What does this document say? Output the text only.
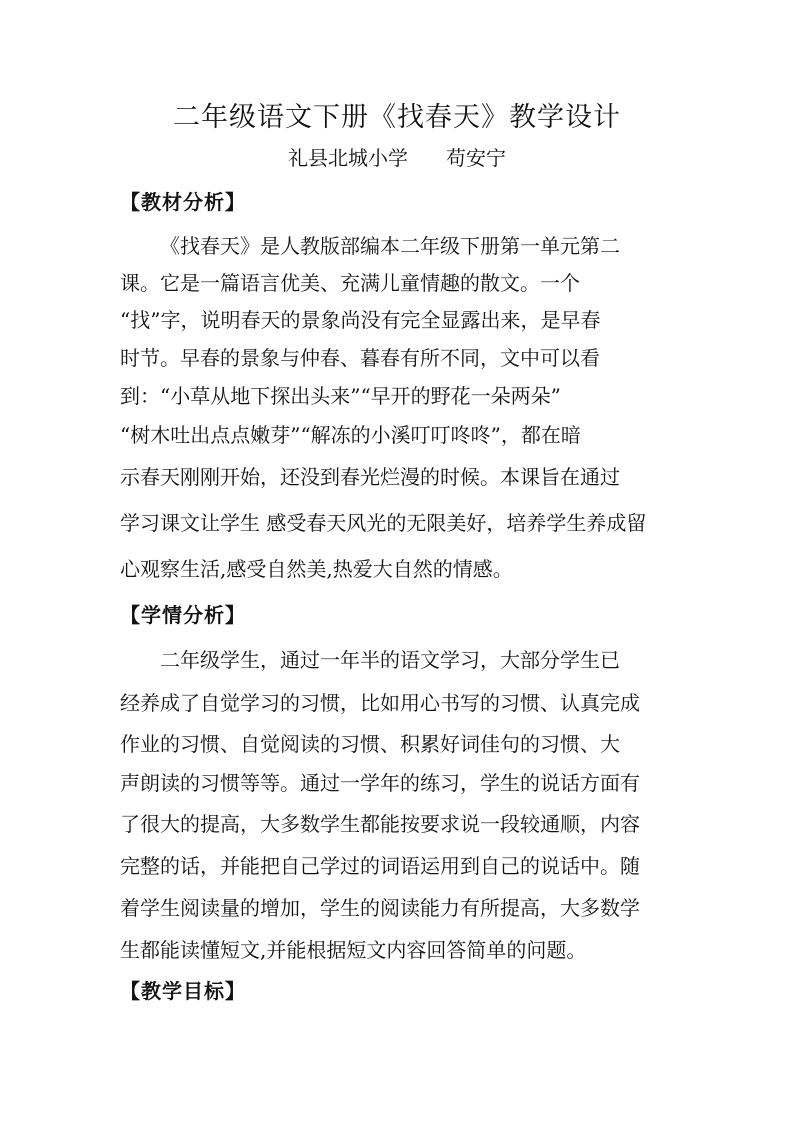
二年级语文下册《找春天》教学设计
礼县北城小学 苟安宁
【教材分析】
《找春天》是人教版部编本二年级下册第一单元第二
课。它是一篇语言优美、充满儿童情趣的散文。一个
“找”字，说明春天的景象尚没有完全显露出来，是早春
时节。早春的景象与仲春、暮春有所不同，文中可以看
到：“小草从地下探出头来”“早开的野花一朵两朵”
“树木吐出点点嫩芽”“解冻的小溪叮叮咚咚”，都在暗
示春天刚刚开始，还没到春光烂漫的时候。本课旨在通过
学习课文让学生 感受春天风光的无限美好，培养学生养成留
心观察生活,感受自然美,热爱大自然的情感。
【学情分析】
二年级学生，通过一年半的语文学习，大部分学生已
经养成了自觉学习的习惯，比如用心书写的习惯、认真完成
作业的习惯、自觉阅读的习惯、积累好词佳句的习惯、大
声朗读的习惯等等。通过一学年的练习，学生的说话方面有
了很大的提高，大多数学生都能按要求说一段较通顺，内容
完整的话，并能把自己学过的词语运用到自己的说话中。随
着学生阅读量的增加，学生的阅读能力有所提高，大多数学
生都能读懂短文,并能根据短文内容回答简单的问题。
【教学目标】
